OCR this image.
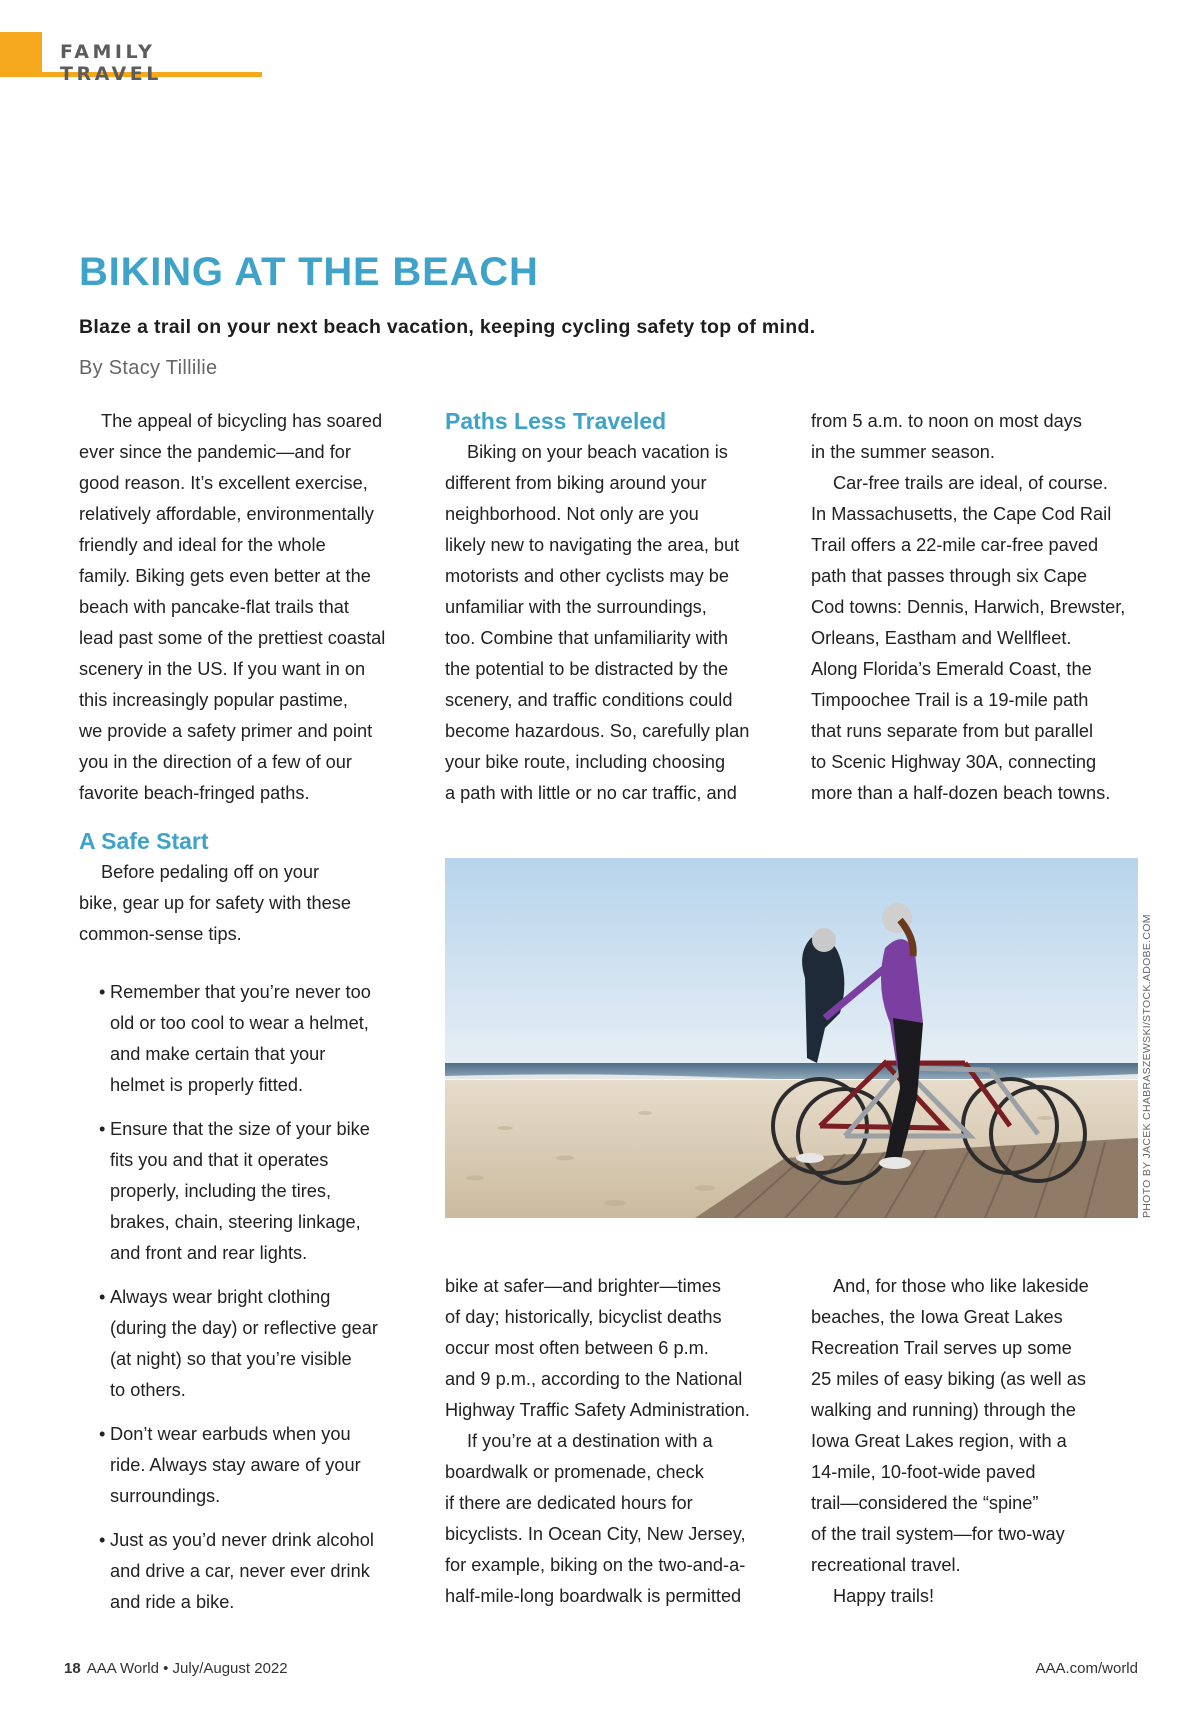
FAMILY TRAVEL
BIKING AT THE BEACH
Blaze a trail on your next beach vacation, keeping cycling safety top of mind.
By Stacy Tillilie

The appeal of bicycling has soared
ever since the pandemic—and for
good reason. It’s excellent exercise,
relatively affordable, environmentally
friendly and ideal for the whole
family. Biking gets even better at the
beach with pancake-flat trails that
lead past some of the prettiest coastal
scenery in the US. If you want in on
this increasingly popular pastime,
we provide a safety primer and point
you in the direction of a few of our
favorite beach-fringed paths.

A Safe Start

Before pedaling off on your
bike, gear up for safety with these
common-sense tips.

• Remember that you’re never too
old or too cool to wear a helmet,
and make certain that your
helmet is properly fitted.
• Ensure that the size of your bike
fits you and that it operates
properly, including the tires,
brakes, chain, steering linkage,
and front and rear lights.
• Always wear bright clothing
(during the day) or reflective gear
(at night) so that you’re visible
to others.
• Don’t wear earbuds when you
ride. Always stay aware of your
surroundings.
• Just as you’d never drink alcohol
and drive a car, never ever drink
and ride a bike.
Paths Less Traveled

Biking on your beach vacation is
different from biking around your
neighborhood. Not only are you
likely new to navigating the area, but
motorists and other cyclists may be
unfamiliar with the surroundings,
too. Combine that unfamiliarity with
the potential to be distracted by the
scenery, and traffic conditions could
become hazardous. So, carefully plan
your bike route, including choosing
a path with little or no car traffic, and

bike at safer—and brighter—times
of day; historically, bicyclist deaths
occur most often between 6 p.m.
and 9 p.m., according to the National
Highway Traffic Safety Administration.

If you’re at a destination with a
boardwalk or promenade, check
if there are dedicated hours for
bicyclists. In Ocean City, New Jersey,
for example, biking on the two-and-a-
half-mile-long boardwalk is permitted

from 5 a.m. to noon on most days
in the summer season.

Car-free trails are ideal, of course.
In Massachusetts, the Cape Cod Rail
Trail offers a 22-mile car-free paved
path that passes through six Cape
Cod towns: Dennis, Harwich, Brewster,
Orleans, Eastham and Wellfleet.
Along Florida’s Emerald Coast, the
Timpoochee Trail is a 19-mile path
that runs separate from but parallel
to Scenic Highway 30A, connecting
more than a half-dozen beach towns.

And, for those who like lakeside
beaches, the Iowa Great Lakes
Recreation Trail serves up some
25 miles of easy biking (as well as
walking and running) through the
Iowa Great Lakes region, with a
14-mile, 10-foot-wide paved
trail—considered the “spine”
of the trail system—for two-way
recreational travel.

Happy trails!

PHOTO BY JACEK CHABRASZEWSKI/STOCK.ADOBE.COM
18 AAA World • July/August 2022	AAA.com/world
